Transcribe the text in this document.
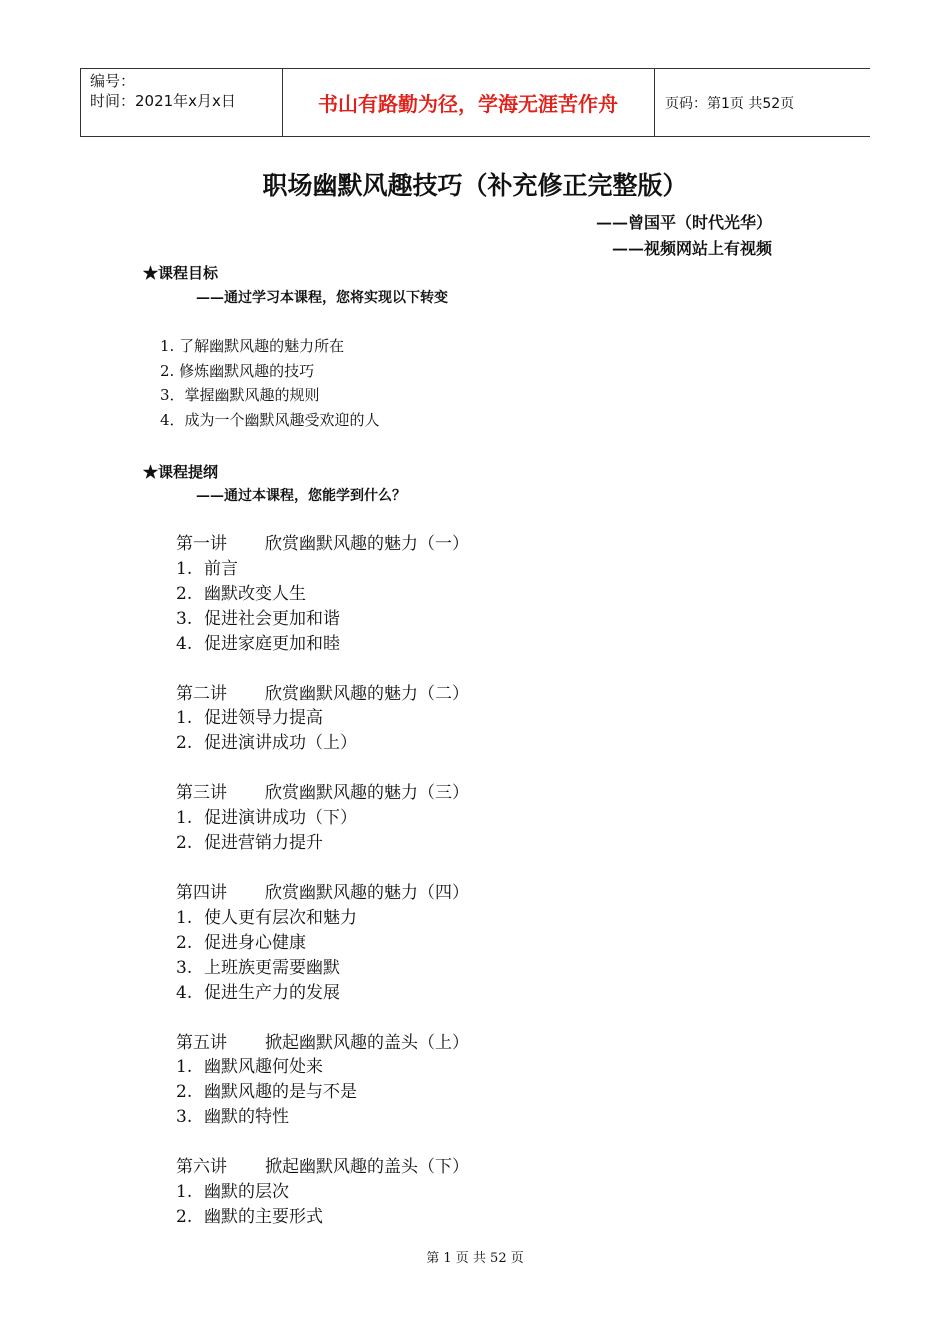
编号：
时间：2021年x月x日	书山有路勤为径，学海无涯苦作舟	页码：第1页 共52页
职场幽默风趣技巧（补充修正完整版）
——曾国平（时代光华）
——视频网站上有视频
★课程目标
——通过学习本课程，您将实现以下转变
1. 了解幽默风趣的魅力所在
2. 修炼幽默风趣的技巧
3．掌握幽默风趣的规则
4．成为一个幽默风趣受欢迎的人
★课程提纲
——通过本课程，您能学到什么？
第一讲 欣赏幽默风趣的魅力（一）
1. 前言
2. 幽默改变人生
3. 促进社会更加和谐
4. 促进家庭更加和睦
第二讲 欣赏幽默风趣的魅力（二）
1. 促进领导力提高
2. 促进演讲成功（上）
第三讲 欣赏幽默风趣的魅力（三）
1. 促进演讲成功（下）
2. 促进营销力提升
第四讲 欣赏幽默风趣的魅力（四）
1. 使人更有层次和魅力
2. 促进身心健康
3. 上班族更需要幽默
4. 促进生产力的发展
第五讲 掀起幽默风趣的盖头（上）
1. 幽默风趣何处来
2. 幽默风趣的是与不是
3. 幽默的特性
第六讲 掀起幽默风趣的盖头（下）
1. 幽默的层次
2. 幽默的主要形式
第 1 页 共 52 页
